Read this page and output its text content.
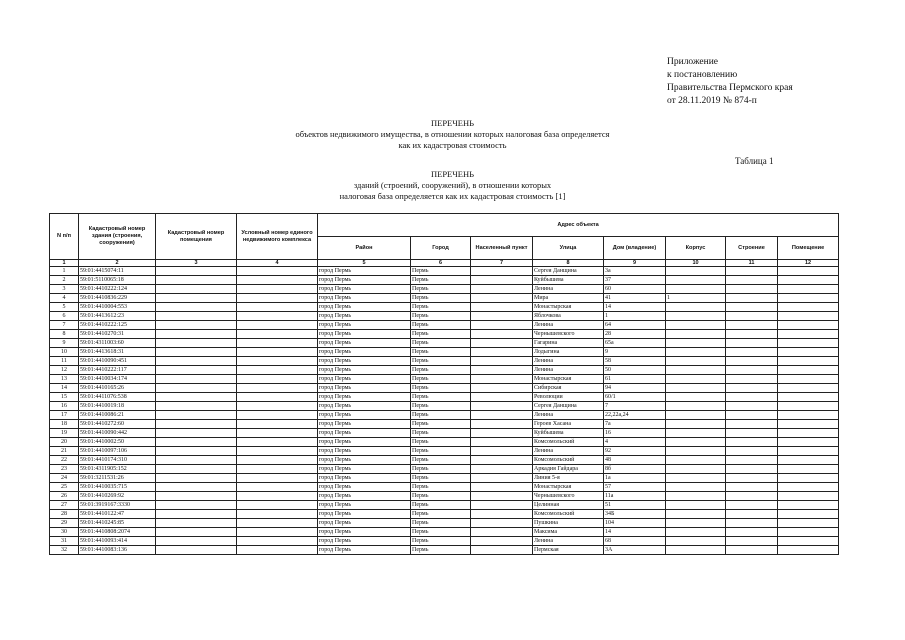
Приложение
к постановлению
Правительства Пермского края
от 28.11.2019 № 874-п
ПЕРЕЧЕНЬ
объектов недвижимого имущества, в отношении которых налоговая база определяется
как их кадастровая стоимость
Таблица 1
ПЕРЕЧЕНЬ
зданий (строений, сооружений), в отношении которых
налоговая база определяется как их кадастровая стоимость [1]
N п/п	Кадастровый номер здания (строения, сооружения)	Кадастровый номер помещения	Условный номер единого недвижимого комплекса	Адрес объекта							
				Район	Город	Населенный пункт	Улица	Дом (владение)	Корпус	Строение	Помещение
1	2	3	4	5	6	7	8	9	10	11	12
1	59:01:4415074:11			город Пермь	Пермь		Сергея Данщина	3а			
2	59:01:5110065:18			город Пермь	Пермь		Куйбышева	37			
3	59:01:4410222:124			город Пермь	Пермь		Ленина	60			
4	59:01:4410836:229			город Пермь	Пермь		Мира	41	1		
5	59:01:4410004:553			город Пермь	Пермь		Монастырская	14			
6	59:01:4413612:23			город Пермь	Пермь		Яблочкова	1			
7	59:01:4410222:125			город Пермь	Пермь		Ленина	64			
8	59:01:4410270:31			город Пермь	Пермь		Чернышевского	28			
9	59:01:4311003:60			город Пермь	Пермь		Гагарина	65а			
10	59:01:4413618:31			город Пермь	Пермь		Лодыгина	9			
11	59:01:4410090:451			город Пермь	Пермь		Ленина	58			
12	59:01:4410222:117			город Пермь	Пермь		Ленина	50			
13	59:01:4410034:174			город Пермь	Пермь		Монастырская	61			
14	59:01:4410165:26			город Пермь	Пермь		Сибирская	94			
15	59:01:4411076:538			город Пермь	Пермь		Революции	60/1			
16	59:01:4410019:18			город Пермь	Пермь		Сергея Данщина	7			
17	59:01:4410086:21			город Пермь	Пермь		Ленина	22,22а,24			
18	59:01:4410272:60			город Пермь	Пермь		Героев Хасана	7а			
19	59:01:4410090:442			город Пермь	Пермь		Куйбышева	16			
20	59:01:4410002:50			город Пермь	Пермь		Комсомольский	4			
21	59:01:4410097:106			город Пермь	Пермь		Ленина	92			
22	59:01:4410174:310			город Пермь	Пермь		Комсомольский	48			
23	59:01:4311905:152			город Пермь	Пермь		Аркадия Гайдара	8б			
24	59:01:3211531:26			город Пермь	Пермь		Линия 5-я	1а			
25	59:01:4410035:715			город Пермь	Пермь		Монастырская	57			
26	59:01:4410269:92			город Пермь	Пермь		Чернышевского	11а			
27	59:01:3919167:3330			город Пермь	Пермь		Целинная	51			
28	59:01:4410122:47			город Пермь	Пермь		Комсомольский	34Б			
29	59:01:4410245:85			город Пермь	Пермь		Пушкина	104			
30	59:01:4410808:2074			город Пермь	Пермь		Максима	14			
31	59:01:4410093:414			город Пермь	Пермь		Ленина	68			
32	59:01:4410083:136			город Пермь	Пермь		Пермская	3А			
